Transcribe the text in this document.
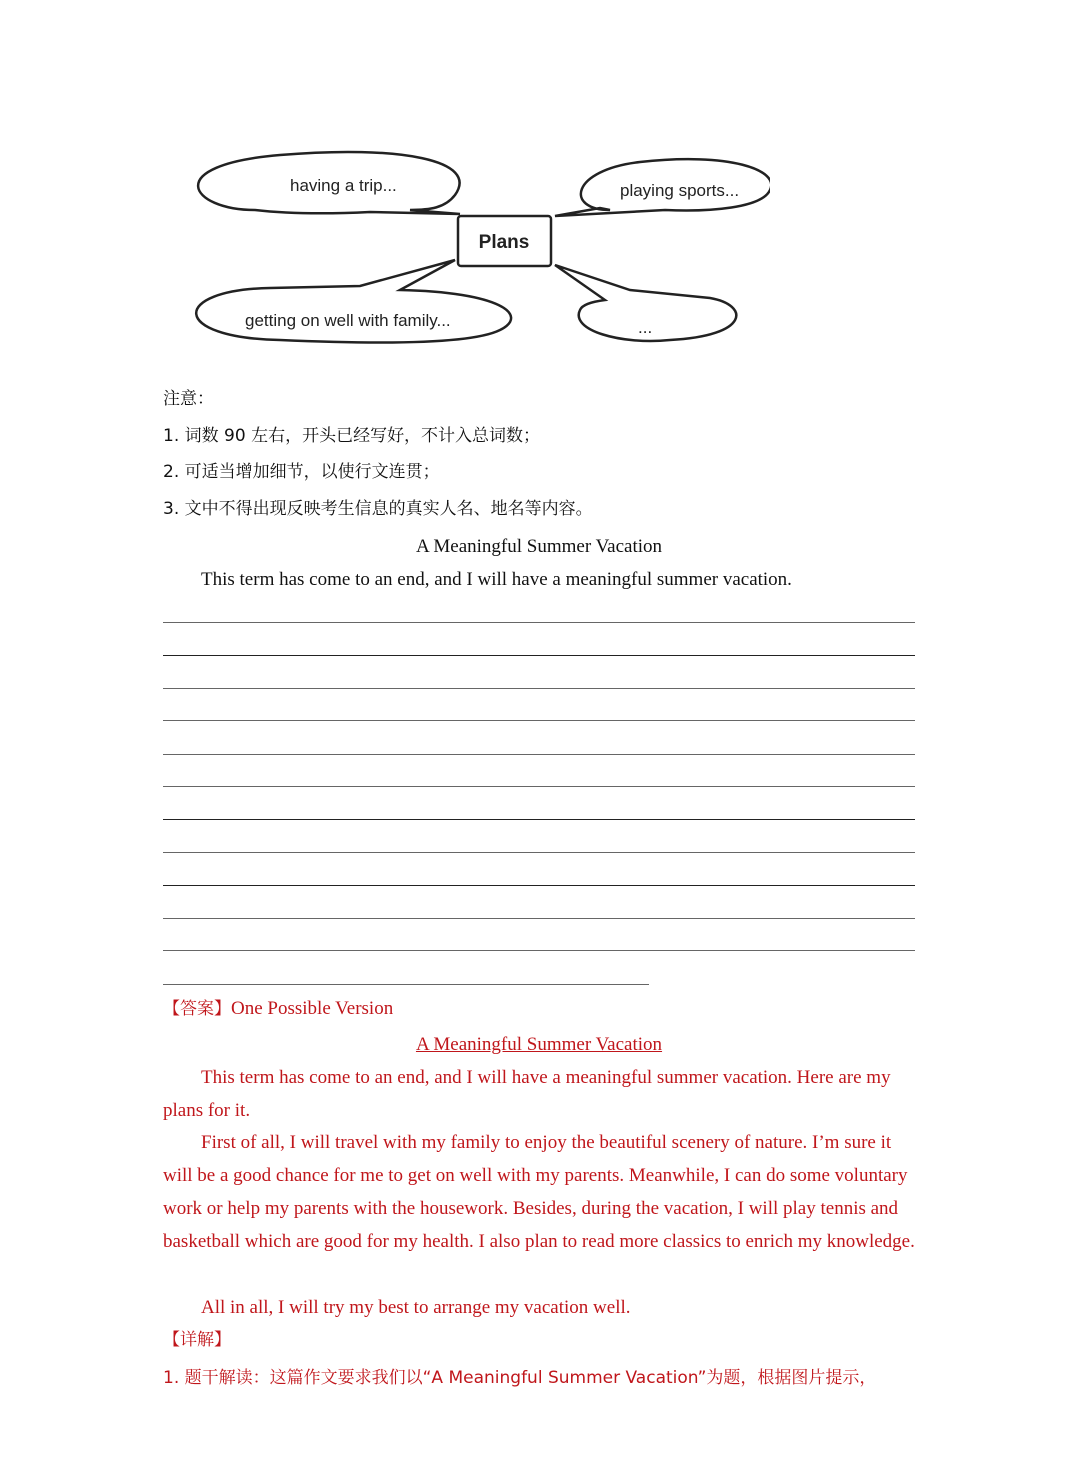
Plans
having a trip...	playing sports...
getting on well with family...	...
注意：
1. 词数 90 左右，开头已经写好，不计入总词数；
2. 可适当增加细节，以使行文连贯；
3. 文中不得出现反映考生信息的真实人名、地名等内容。
A Meaningful Summer Vacation
This term has come to an end, and I will have a meaningful summer vacation.
【答案】One Possible Version
A Meaningful Summer Vacation
This term has come to an end, and I will have a meaningful summer vacation. Here are my plans for it.
First of all, I will travel with my family to enjoy the beautiful scenery of nature. I’m sure it will be a good chance for me to get on well with my parents. Meanwhile, I can do some voluntary work or help my parents with the housework. Besides, during the vacation, I will play tennis and basketball which are good for my health. I also plan to read more classics to enrich my knowledge.
All in all, I will try my best to arrange my vacation well.
【详解】
1. 题干解读：这篇作文要求我们以“A Meaningful Summer Vacation”为题，根据图片提示，
